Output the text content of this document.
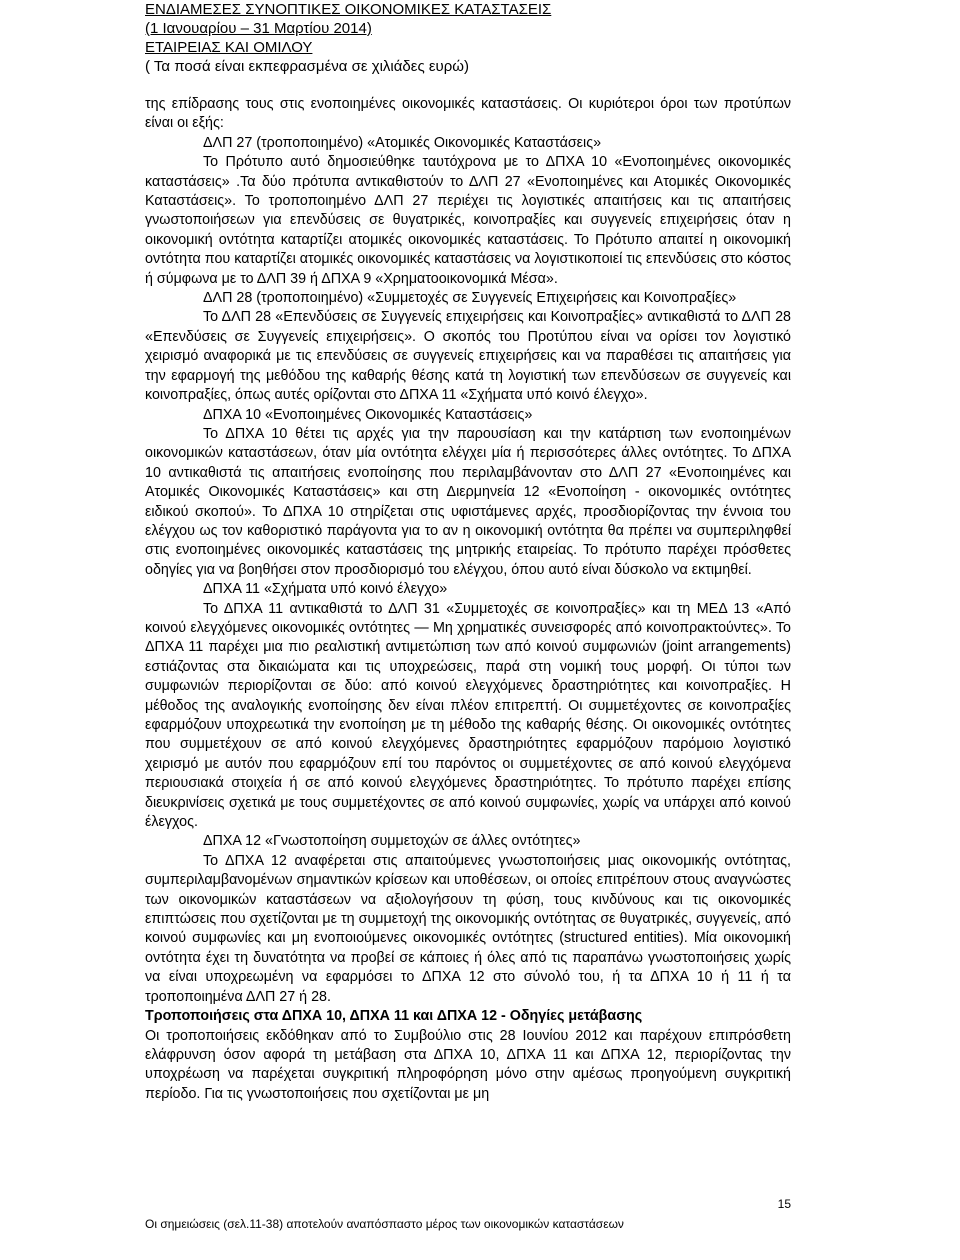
ΕΝΔΙΑΜΕΣΕΣ ΣΥΝΟΠΤΙΚΕΣ ΟΙΚΟΝΟΜΙΚΕΣ ΚΑΤΑΣΤΑΣΕΙΣ
(1 Ιανουαρίου – 31 Μαρτίου 2014)
ΕΤΑΙΡΕΙΑΣ ΚΑΙ ΟΜΙΛΟΥ
( Τα ποσά είναι εκπεφρασμένα σε χιλιάδες ευρώ)

της επίδρασης τους στις ενοποιημένες οικονομικές καταστάσεις. Οι κυριότεροι όροι των προτύπων είναι οι εξής:

ΔΛΠ 27 (τροποποιημένο) «Ατομικές Οικονομικές Καταστάσεις»

Το Πρότυπο αυτό δημοσιεύθηκε ταυτόχρονα με το ΔΠΧΑ 10 «Ενοποιημένες οικονομικές καταστάσεις» .Τα δύο πρότυπα αντικαθιστούν το ΔΛΠ 27 «Ενοποιημένες και Ατομικές Οικονομικές Καταστάσεις». Το τροποποιημένο ΔΛΠ 27 περιέχει τις λογιστικές απαιτήσεις και τις απαιτήσεις γνωστοποιήσεων για επενδύσεις σε θυγατρικές, κοινοπραξίες και συγγενείς επιχειρήσεις όταν η οικονομική οντότητα καταρτίζει ατομικές οικονομικές καταστάσεις. Το Πρότυπο απαιτεί η οικονομική οντότητα που καταρτίζει ατομικές οικονομικές καταστάσεις να λογιστικοποιεί τις επενδύσεις στο κόστος ή σύμφωνα με το ΔΛΠ 39 ή ΔΠΧΑ 9 «Χρηματοοικονομικά Μέσα».

ΔΛΠ 28 (τροποποιημένο) «Συμμετοχές σε Συγγενείς Επιχειρήσεις και Κοινοπραξίες»

Το ΔΛΠ 28 «Επενδύσεις σε Συγγενείς επιχειρήσεις και Κοινοπραξίες» αντικαθιστά το ΔΛΠ 28 «Επενδύσεις σε Συγγενείς επιχειρήσεις». Ο σκοπός του Προτύπου είναι να ορίσει τον λογιστικό χειρισμό αναφορικά με τις επενδύσεις σε συγγενείς επιχειρήσεις και να παραθέσει τις απαιτήσεις για την εφαρμογή της μεθόδου της καθαρής θέσης κατά τη λογιστική των επενδύσεων σε συγγενείς και κοινοπραξίες, όπως αυτές ορίζονται στο ΔΠΧΑ 11 «Σχήματα υπό κοινό έλεγχο».

ΔΠΧΑ 10 «Ενοποιημένες Οικονομικές Καταστάσεις»

Το ΔΠΧΑ 10 θέτει τις αρχές για την παρουσίαση και την κατάρτιση των ενοποιημένων οικονομικών καταστάσεων, όταν μία οντότητα ελέγχει μία ή περισσότερες άλλες οντότητες. Το ΔΠΧΑ 10 αντικαθιστά τις απαιτήσεις ενοποίησης που περιλαμβάνονταν στο ΔΛΠ 27 «Ενοποιημένες και Ατομικές Οικονομικές Καταστάσεις» και στη Διερμηνεία 12 «Ενοποίηση - οικονομικές οντότητες ειδικού σκοπού». Το ΔΠΧΑ 10 στηρίζεται στις υφιστάμενες αρχές, προσδιορίζοντας την έννοια του ελέγχου ως τον καθοριστικό παράγοντα για το αν η οικονομική οντότητα θα πρέπει να συμπεριληφθεί στις ενοποιημένες οικονομικές καταστάσεις της μητρικής εταιρείας. Το πρότυπο παρέχει πρόσθετες οδηγίες για να βοηθήσει στον προσδιορισμό του ελέγχου, όπου αυτό είναι δύσκολο να εκτιμηθεί.

ΔΠΧΑ 11 «Σχήματα υπό κοινό έλεγχο»

Το ΔΠΧΑ 11 αντικαθιστά το ΔΛΠ 31 «Συμμετοχές σε κοινοπραξίες» και τη ΜΕΔ 13 «Από κοινού ελεγχόμενες οικονομικές οντότητες — Μη χρηματικές συνεισφορές από κοινοπρακτούντες». Το ΔΠΧΑ 11 παρέχει μια πιο ρεαλιστική αντιμετώπιση των από κοινού συμφωνιών (joint arrangements) εστιάζοντας στα δικαιώματα και τις υποχρεώσεις, παρά στη νομική τους μορφή. Οι τύποι των συμφωνιών περιορίζονται σε δύο: από κοινού ελεγχόμενες δραστηριότητες και κοινοπραξίες. Η μέθοδος της αναλογικής ενοποίησης δεν είναι πλέον επιτρεπτή. Οι συμμετέχοντες σε κοινοπραξίες εφαρμόζουν υποχρεωτικά την ενοποίηση με τη μέθοδο της καθαρής θέσης. Οι οικονομικές οντότητες που συμμετέχουν σε από κοινού ελεγχόμενες δραστηριότητες εφαρμόζουν παρόμοιο λογιστικό χειρισμό με αυτόν που εφαρμόζουν επί του παρόντος οι συμμετέχοντες σε από κοινού ελεγχόμενα περιουσιακά στοιχεία ή σε από κοινού ελεγχόμενες δραστηριότητες. Το πρότυπο παρέχει επίσης διευκρινίσεις σχετικά με τους συμμετέχοντες σε από κοινού συμφωνίες, χωρίς να υπάρχει από κοινού έλεγχος.

ΔΠΧΑ 12 «Γνωστοποίηση συμμετοχών σε άλλες οντότητες»

Το ΔΠΧΑ 12 αναφέρεται στις απαιτούμενες γνωστοποιήσεις μιας οικονομικής οντότητας, συμπεριλαμβανομένων σημαντικών κρίσεων και υποθέσεων, οι οποίες επιτρέπουν στους αναγνώστες των οικονομικών καταστάσεων να αξιολογήσουν τη φύση, τους κινδύνους και τις οικονομικές επιπτώσεις που σχετίζονται με τη συμμετοχή της οικονομικής οντότητας σε θυγατρικές, συγγενείς, από κοινού συμφωνίες και μη ενοποιούμενες οικονομικές οντότητες (structured entities). Μία οικονομική οντότητα έχει τη δυνατότητα να προβεί σε κάποιες ή όλες από τις παραπάνω γνωστοποιήσεις χωρίς να είναι υποχρεωμένη να εφαρμόσει το ΔΠΧΑ 12 στο σύνολό του, ή τα ΔΠΧΑ 10 ή 11 ή τα τροποποιημένα ΔΛΠ 27 ή 28.

Τροποποιήσεις στα ΔΠΧΑ 10, ΔΠΧΑ 11 και ΔΠΧΑ 12 - Οδηγίες μετάβασης

Οι τροποποιήσεις εκδόθηκαν από το Συμβούλιο στις 28 Ιουνίου 2012 και παρέχουν επιπρόσθετη ελάφρυνση όσον αφορά τη μετάβαση στα ΔΠΧΑ 10, ΔΠΧΑ 11 και ΔΠΧΑ 12, περιορίζοντας την υποχρέωση να παρέχεται συγκριτική πληροφόρηση μόνο στην αμέσως προηγούμενη συγκριτική περίοδο. Για τις γνωστοποιήσεις που σχετίζονται με μη

15
Οι σημειώσεις (σελ.11-38) αποτελούν αναπόσπαστο μέρος των οικονομικών καταστάσεων
